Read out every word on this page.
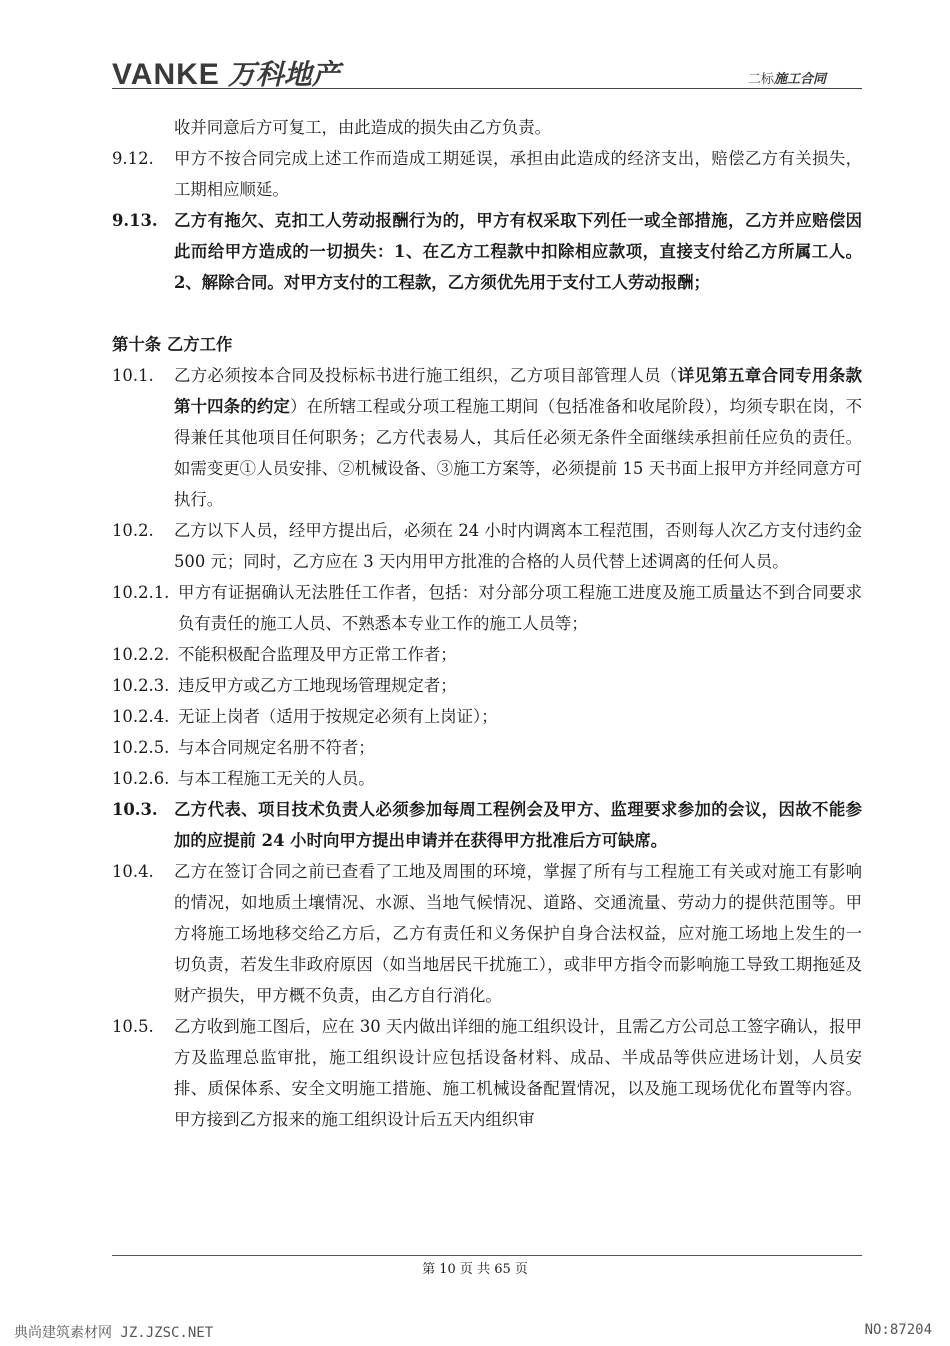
VANKE 万科地产	二标施工合同
收并同意后方可复工，由此造成的损失由乙方负责。
9.12.	甲方不按合同完成上述工作而造成工期延误，承担由此造成的经济支出，赔偿乙方有关损失，工期相应顺延。
9.13. 乙方有拖欠、克扣工人劳动报酬行为的，甲方有权采取下列任一或全部措施，乙方并应赔偿因此而给甲方造成的一切损失：1、在乙方工程款中扣除相应款项，直接支付给乙方所属工人。2、解除合同。对甲方支付的工程款，乙方须优先用于支付工人劳动报酬；
第十条 乙方工作
10.1.	乙方必须按本合同及投标标书进行施工组织，乙方项目部管理人员（详见第五章合同专用条款第十四条的约定）在所辖工程或分项工程施工期间（包括准备和收尾阶段），均须专职在岗，不得兼任其他项目任何职务；乙方代表易人，其后任必须无条件全面继续承担前任应负的责任。如需变更①人员安排、②机械设备、③施工方案等，必须提前 15 天书面上报甲方并经同意方可执行。
10.2.	乙方以下人员，经甲方提出后，必须在 24 小时内调离本工程范围，否则每人次乙方支付违约金 500 元；同时，乙方应在 3 天内用甲方批准的合格的人员代替上述调离的任何人员。
10.2.1. 甲方有证据确认无法胜任工作者，包括：对分部分项工程施工进度及施工质量达不到合同要求负有责任的施工人员、不熟悉本专业工作的施工人员等；
10.2.2. 不能积极配合监理及甲方正常工作者；
10.2.3. 违反甲方或乙方工地现场管理规定者；
10.2.4. 无证上岗者（适用于按规定必须有上岗证）；
10.2.5. 与本合同规定名册不符者；
10.2.6. 与本工程施工无关的人员。
10.3. 乙方代表、项目技术负责人必须参加每周工程例会及甲方、监理要求参加的会议，因故不能参加的应提前 24 小时向甲方提出申请并在获得甲方批准后方可缺席。
10.4.	乙方在签订合同之前已查看了工地及周围的环境，掌握了所有与工程施工有关或对施工有影响的情况，如地质土壤情况、水源、当地气候情况、道路、交通流量、劳动力的提供范围等。甲方将施工场地移交给乙方后，乙方有责任和义务保护自身合法权益，应对施工场地上发生的一切负责，若发生非政府原因（如当地居民干扰施工），或非甲方指令而影响施工导致工期拖延及财产损失，甲方概不负责，由乙方自行消化。
10.5.	乙方收到施工图后，应在 30 天内做出详细的施工组织设计，且需乙方公司总工签字确认，报甲方及监理总监审批，施工组织设计应包括设备材料、成品、半成品等供应进场计划，人员安排、质保体系、安全文明施工措施、施工机械设备配置情况，以及施工现场优化布置等内容。甲方接到乙方报来的施工组织设计后五天内组织审
第 10 页 共 65 页
典尚建筑素材网 JZ.JZSC.NET	NO:87204
